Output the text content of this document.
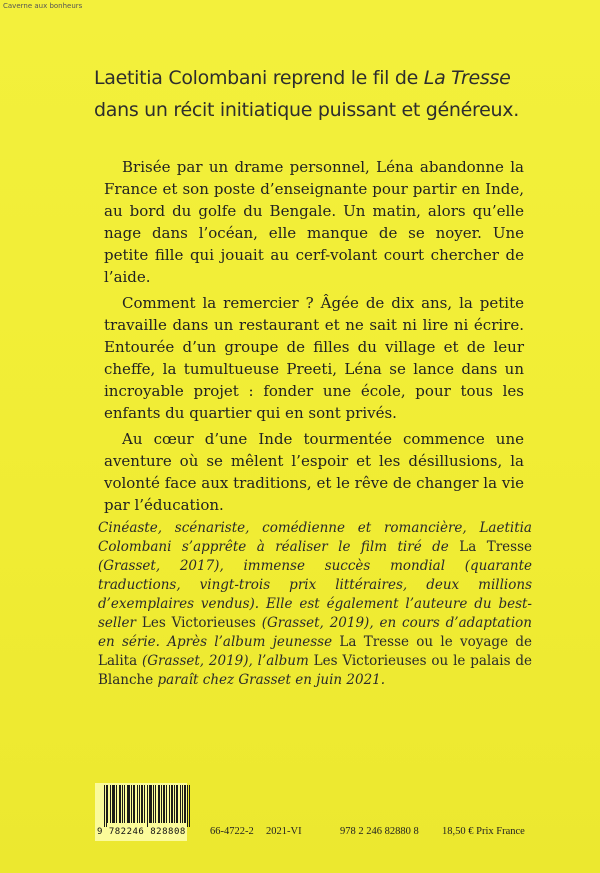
Caverne aux bonheurs
Laetitia Colombani reprend le fil de La Tresse
dans un récit initiatique puissant et généreux.

Brisée par un drame personnel, Léna abandonne la France et son poste d’enseignante pour partir en Inde, au bord du golfe du Bengale. Un matin, alors qu’elle nage dans l’océan, elle manque de se noyer. Une petite fille qui jouait au cerf-volant court chercher de l’aide.

Comment la remercier ? Âgée de dix ans, la petite travaille dans un restaurant et ne sait ni lire ni écrire. Entourée d’un groupe de filles du village et de leur cheffe, la tumultueuse Preeti, Léna se lance dans un incroyable projet : fonder une école, pour tous les enfants du quartier qui en sont privés.

Au cœur d’une Inde tourmentée commence une aventure où se mêlent l’espoir et les désillusions, la volonté face aux traditions, et le rêve de changer la vie par l’éducation.

Cinéaste, scénariste, comédienne et romancière, Laetitia Colombani s’apprête à réaliser le film tiré de La Tresse (Grasset, 2017), immense succès mondial (quarante traductions, vingt-trois prix littéraires, deux millions d’exemplaires vendus). Elle est également l’auteure du best-seller Les Victorieuses (Grasset, 2019), en cours d’adaptation en série. Après l’album jeunesse La Tresse ou le voyage de Lalita (Grasset, 2019), l’album Les Victorieuses ou le palais de Blanche paraît chez Grasset en juin 2021.
9 782246 828808 66-4722-2 2021-VI	978 2 246 82880 8 18,50 € Prix France
